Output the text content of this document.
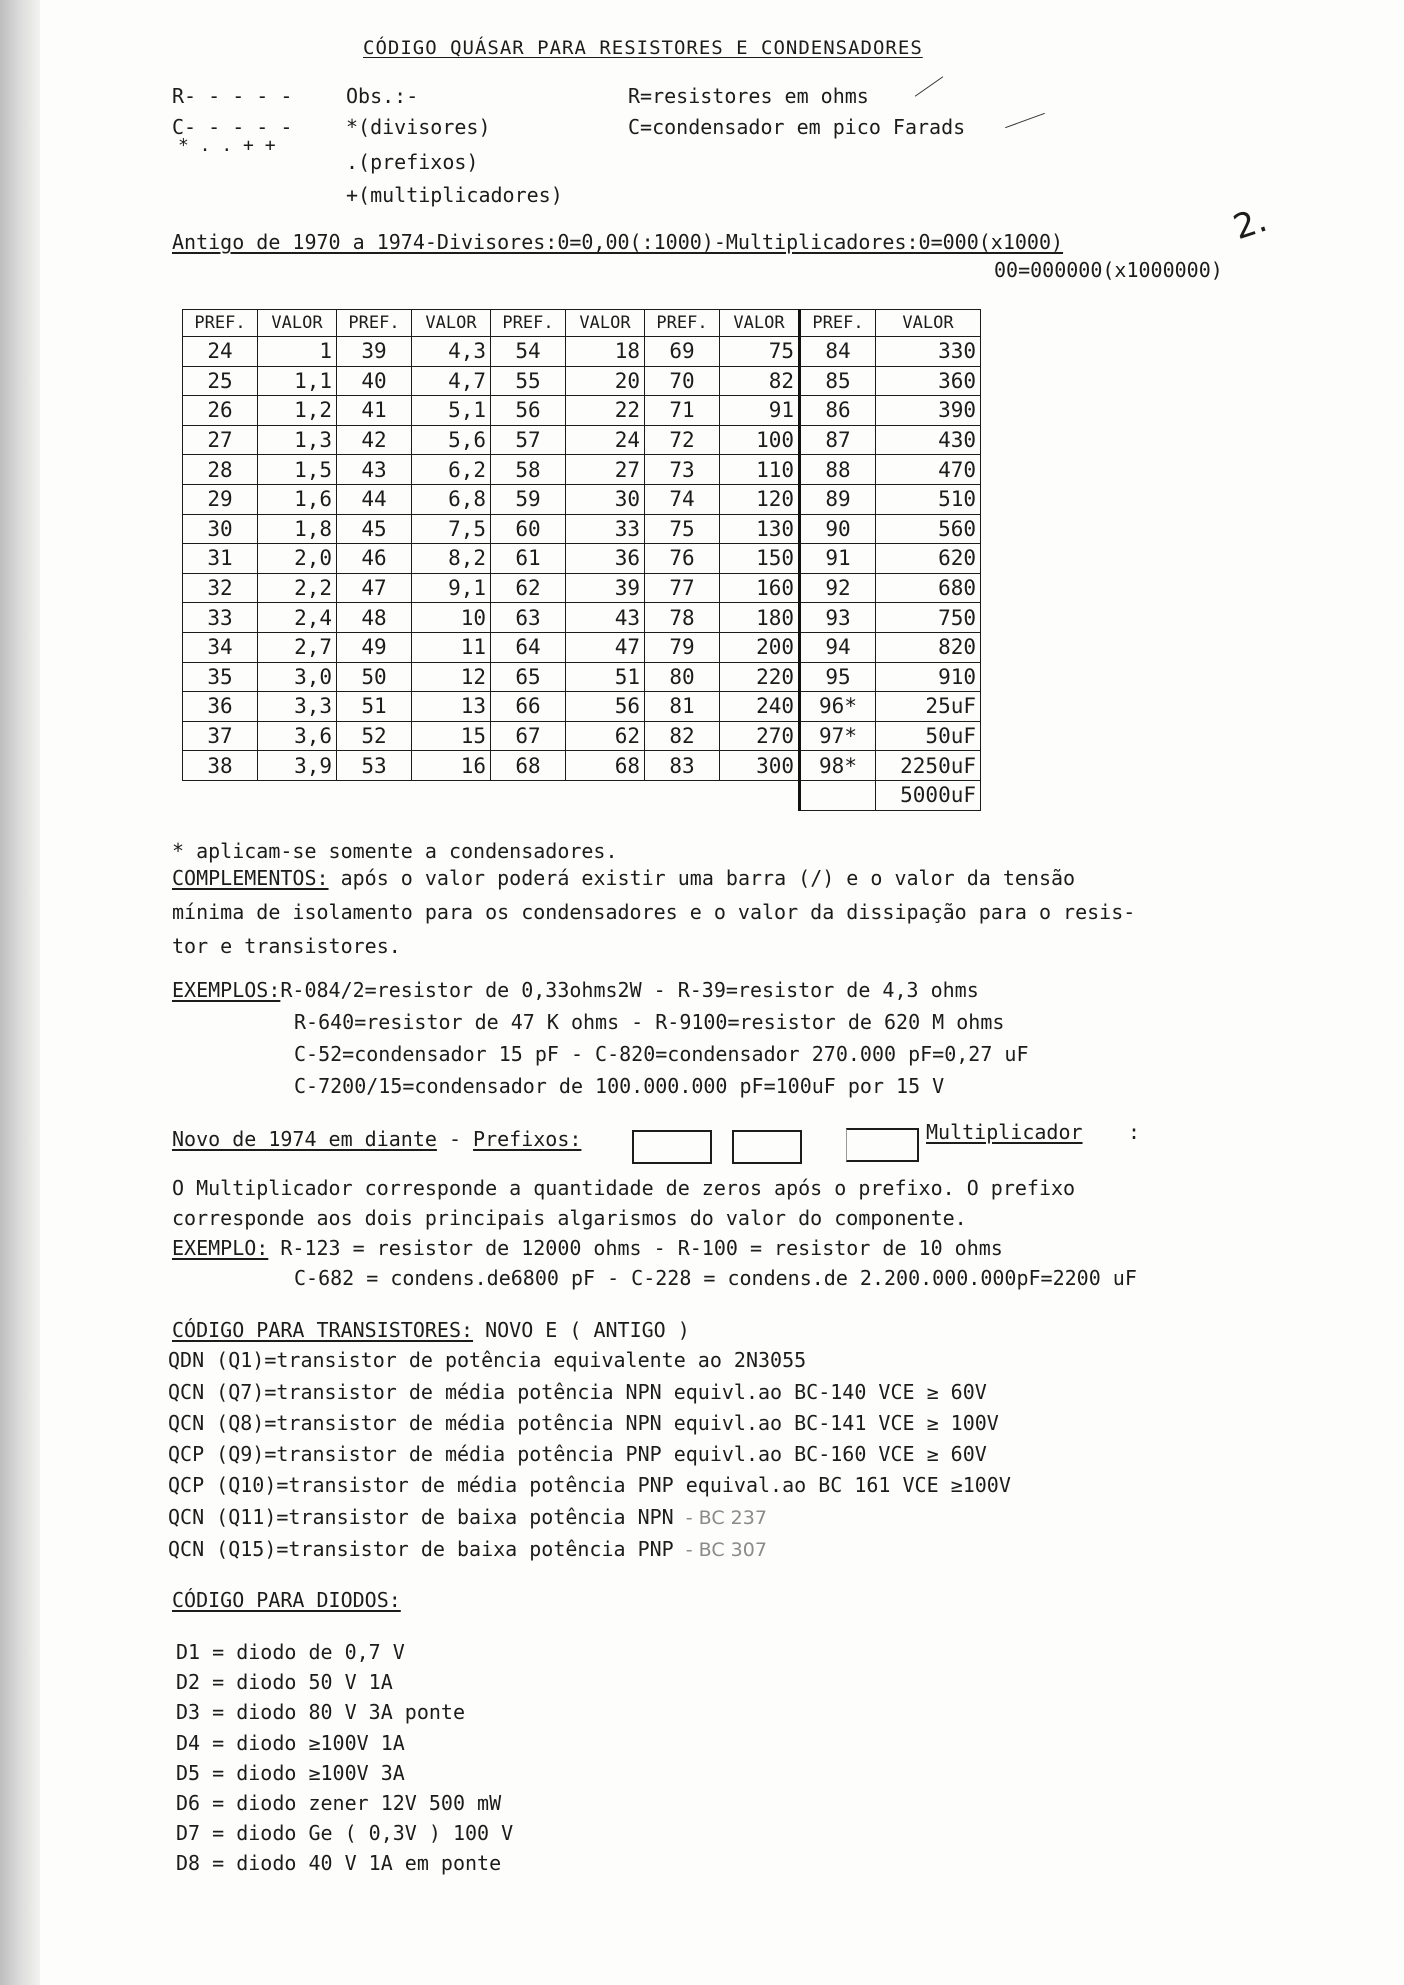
CÓDIGO QUÁSAR PARA RESISTORES E CONDENSADORES
R- - - - -
C- - - - -
* . . + +
Obs.:-
*(divisores)
.(prefixos)
+(multiplicadores)
R=resistores em ohms
C=condensador em pico Farads
Antigo de 1970 a 1974-Divisores:0=0,00(:1000)-Multiplicadores:0=000(x1000)
00=000000(x1000000)
2.
PREF.	VALOR	PREF.	VALOR	PREF.	VALOR	PREF.	VALOR	PREF.	VALOR
24	1	39	4,3	54	18	69	75	84	330
25	1,1	40	4,7	55	20	70	82	85	360
26	1,2	41	5,1	56	22	71	91	86	390
27	1,3	42	5,6	57	24	72	100	87	430
28	1,5	43	6,2	58	27	73	110	88	470
29	1,6	44	6,8	59	30	74	120	89	510
30	1,8	45	7,5	60	33	75	130	90	560
31	2,0	46	8,2	61	36	76	150	91	620
32	2,2	47	9,1	62	39	77	160	92	680
33	2,4	48	10	63	43	78	180	93	750
34	2,7	49	11	64	47	79	200	94	820
35	3,0	50	12	65	51	80	220	95	910
36	3,3	51	13	66	56	81	240	96*	25uF
37	3,6	52	15	67	62	82	270	97*	50uF
38	3,9	53	16	68	68	83	300	98*	2250uF
									5000uF
* aplicam-se somente a condensadores.
COMPLEMENTOS: após o valor poderá existir uma barra (/) e o valor da tensão
mínima de isolamento para os condensadores e o valor da dissipação para o resis-
tor e transistores.
EXEMPLOS:R-084/2=resistor de 0,33ohms2W - R-39=resistor de 4,3 ohms
R-640=resistor de 47 K ohms - R-9100=resistor de 620 M ohms
C-52=condensador 15 pF - C-820=condensador 270.000 pF=0,27 uF
C-7200/15=condensador de 100.000.000 pF=100uF por 15 V
Novo de 1974 em diante - Prefixos:	Multiplicador :
O Multiplicador corresponde a quantidade de zeros após o prefixo. O prefixo
corresponde aos dois principais algarismos do valor do componente.
EXEMPLO: R-123 = resistor de 12000 ohms - R-100 = resistor de 10 ohms
C-682 = condens.de6800 pF - C-228 = condens.de 2.200.000.000pF=2200 uF
CÓDIGO PARA TRANSISTORES: NOVO E ( ANTIGO )
QDN (Q1)=transistor de potência equivalente ao 2N3055
QCN (Q7)=transistor de média potência NPN equivl.ao BC-140 VCE ≥ 60V
QCN (Q8)=transistor de média potência NPN equivl.ao BC-141 VCE ≥ 100V
QCP (Q9)=transistor de média potência PNP equivl.ao BC-160 VCE ≥ 60V
QCP (Q10)=transistor de média potência PNP equival.ao BC 161 VCE ≥100V
QCN (Q11)=transistor de baixa potência NPN - BC 237
QCN (Q15)=transistor de baixa potência PNP - BC 307
CÓDIGO PARA DIODOS:
D1 = diodo de 0,7 V
D2 = diodo 50 V 1A
D3 = diodo 80 V 3A ponte
D4 = diodo ≥100V 1A
D5 = diodo ≥100V 3A
D6 = diodo zener 12V 500 mW
D7 = diodo Ge ( 0,3V ) 100 V
D8 = diodo 40 V 1A em ponte
